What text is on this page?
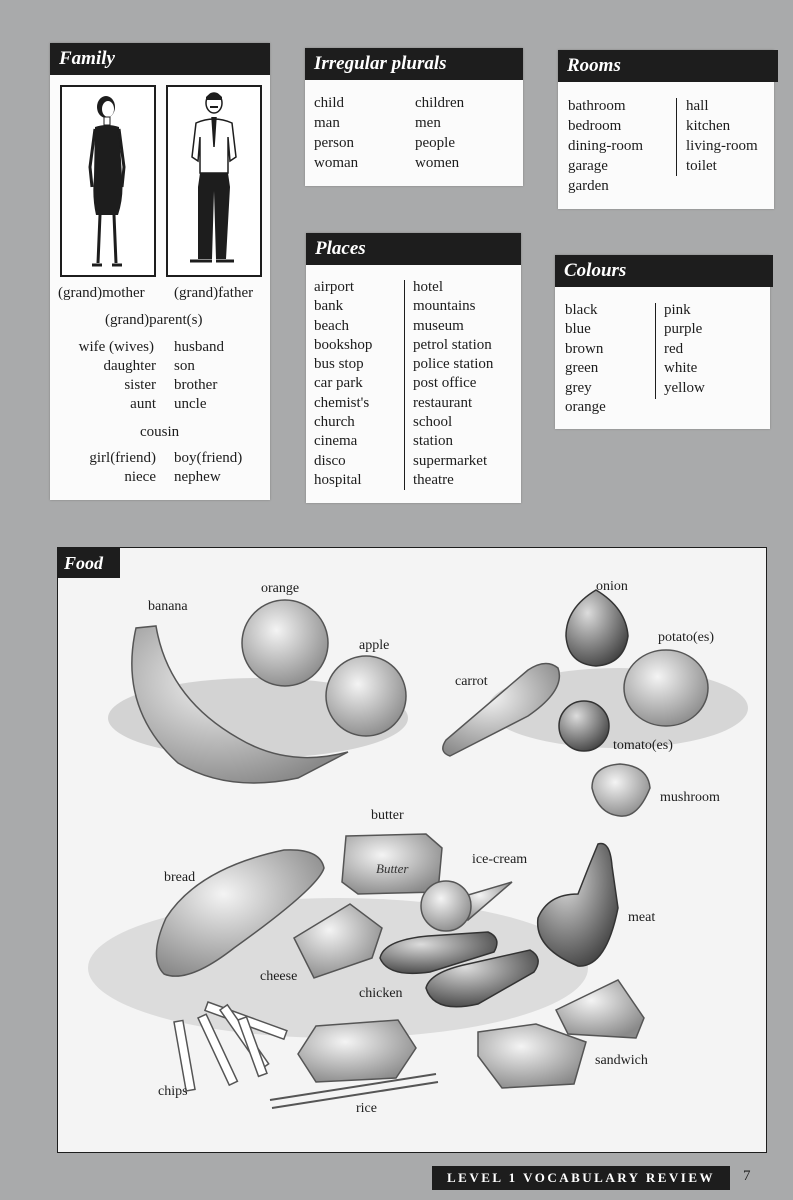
Family
(grand)mother (grand)father
(grand)parent(s)
wife (wives) husband
daughter son
sister brother
aunt uncle
cousin
girl(friend) boy(friend)
niece nephew
Irregular plurals
child
man
person
woman
children
men
people
women
Rooms
bathroom
bedroom
dining-room
garage
garden
hall
kitchen
living-room
toilet
Places
airport
bank
beach
bookshop
bus stop
car park
chemist's
church
cinema
disco
hospital
hotel
mountains
museum
petrol station
police station
post office
restaurant
school
station
supermarket
theatre
Colours
black
blue
brown
green
grey
orange
pink
purple
red
white
yellow
Food
Butter
banana
orange
apple
onion
potato(es)
carrot
tomato(es)
mushroom
butter
ice-cream
bread
meat
cheese
chicken
sandwich
chips
rice
LEVEL 1 VOCABULARY REVIEW	7
